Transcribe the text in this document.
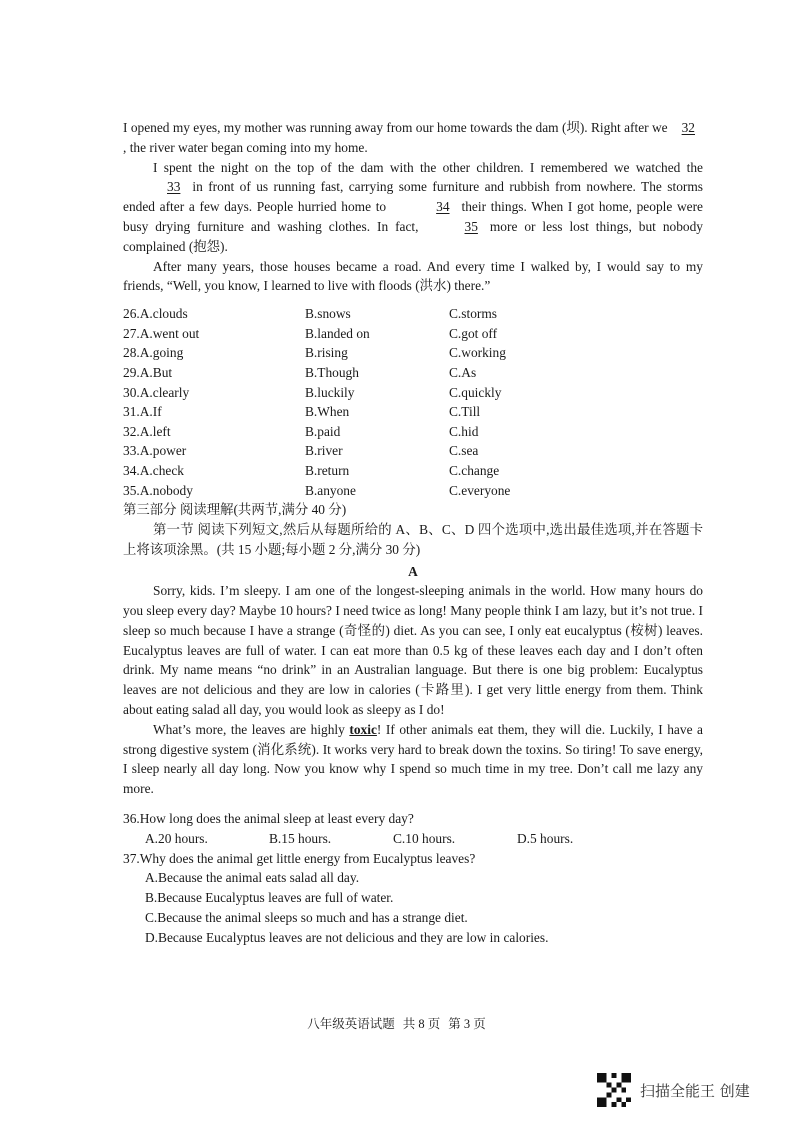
I opened my eyes, my mother was running away from our home towards the dam (坝). Right after we 32, the river water began coming into my home.

I spent the night on the top of the dam with the other children. I remembered we watched the33 in front of us running fast, carrying some furniture and rubbish from nowhere. The storms ended after a few days. People hurried home to	34 their things. When I got home, people were busy drying furniture and washing clothes. In fact,	35 more or less lost things, but nobody complained (抱怨).

After many years, those houses became a road. And every time I walked by, I would say to my friends, “Well, you know, I learned to live with floods (洪水) there.”

26.A.clouds	B.snows	C.storms
27.A.went out	B.landed on	C.got off
28.A.going	B.rising	C.working
29.A.But	B.Though	C.As
30.A.clearly	B.luckily	C.quickly
31.A.If	B.When	C.Till
32.A.left	B.paid	C.hid
33.A.power	B.river	C.sea
34.A.check	B.return	C.change
35.A.nobody	B.anyone	C.everyone

第三部分 阅读理解(共两节,满分 40 分)

第一节 阅读下列短文,然后从每题所给的 A、B、C、D 四个选项中,选出最佳选项,并在答题卡上将该项涂黑。(共 15 小题;每小题 2 分,满分 30 分)

A

Sorry, kids. I’m sleepy. I am one of the longest-sleeping animals in the world. How many hours do you sleep every day? Maybe 10 hours? I need twice as long! Many people think I am lazy, but it’s not true. I sleep so much because I have a strange (奇怪的) diet. As you can see, I only eat eucalyptus (桉树) leaves. Eucalyptus leaves are full of water. I can eat more than 0.5 kg of these leaves each day and I don’t often drink. My name means “no drink” in an Australian language. But there is one big problem: Eucalyptus leaves are not delicious and they are low in calories (卡路里). I get very little energy from them. Think about eating salad all day, you would look as sleepy as I do!

What’s more, the leaves are highly toxic! If other animals eat them, they will die. Luckily, I have a strong digestive system (消化系统). It works very hard to break down the toxins. So tiring! To save energy, I sleep nearly all day long. Now you know why I spend so much time in my tree. Don’t call me lazy any more.

36.How long does the animal sleep at least every day?

A.20 hours.	B.15 hours.	C.10 hours.	D.5 hours.

37.Why does the animal get little energy from Eucalyptus leaves?

A.Because the animal eats salad all day.

B.Because Eucalyptus leaves are full of water.

C.Because the animal sleeps so much and has a strange diet.

D.Because Eucalyptus leaves are not delicious and they are low in calories.

八年级英语试题 共 8 页 第 3 页
扫描全能王 创建
